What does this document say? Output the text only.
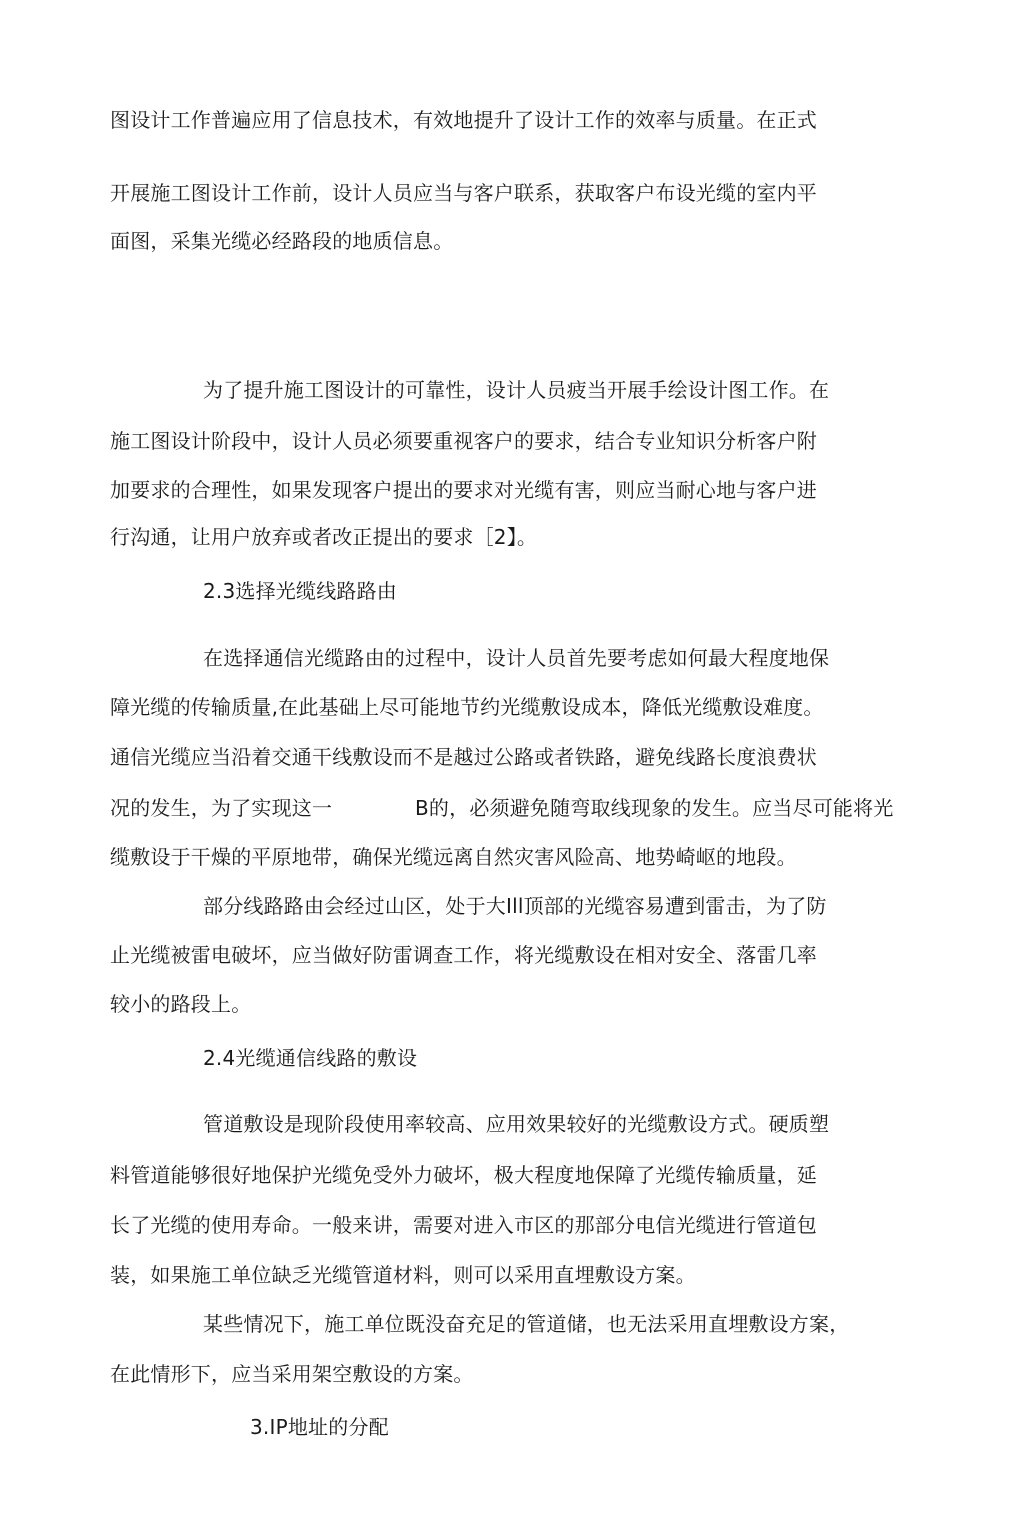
图设计工作普遍应用了信息技术，有效地提升了设计工作的效率与质量。在正式
开展施工图设计工作前，设计人员应当与客户联系，获取客户布设光缆的室内平
面图，采集光缆必经路段的地质信息。
为了提升施工图设计的可靠性，设计人员疲当开展手绘设计图工作。在
施工图设计阶段中，设计人员必须要重视客户的要求，结合专业知识分析客户附
加要求的合理性，如果发现客户提出的要求对光缆有害，则应当耐心地与客户进
行沟通，让用户放弃或者改正提出的要求［2】。
2.3选择光缆线路路由
在选择通信光缆路由的过程中，设计人员首先要考虑如何最大程度地保
障光缆的传输质量,在此基础上尽可能地节约光缆敷设成本，降低光缆敷设难度。
通信光缆应当沿着交通干线敷设而不是越过公路或者铁路，避免线路长度浪费状
况的发生，为了实现这一	B的，必须避免随弯取线现象的发生。应当尽可能将光
缆敷设于干燥的平原地带，确保光缆远离自然灾害风险高、地势崎岖的地段。
部分线路路由会经过山区，处于大Ill顶部的光缆容易遭到雷击，为了防
止光缆被雷电破坏，应当做好防雷调查工作，将光缆敷设在相对安全、落雷几率
较小的路段上。
2.4光缆通信线路的敷设
管道敷设是现阶段使用率较高、应用效果较好的光缆敷设方式。硬质塑
料管道能够很好地保护光缆免受外力破坏，极大程度地保障了光缆传输质量，延
长了光缆的使用寿命。一般来讲，需要对进入市区的那部分电信光缆进行管道包
装，如果施工单位缺乏光缆管道材料，则可以采用直埋敷设方案。
某些情况下，施工单位既没奋充足的管道储，也无法采用直埋敷设方案，
在此情形下，应当采用架空敷设的方案。
3.IP地址的分配
